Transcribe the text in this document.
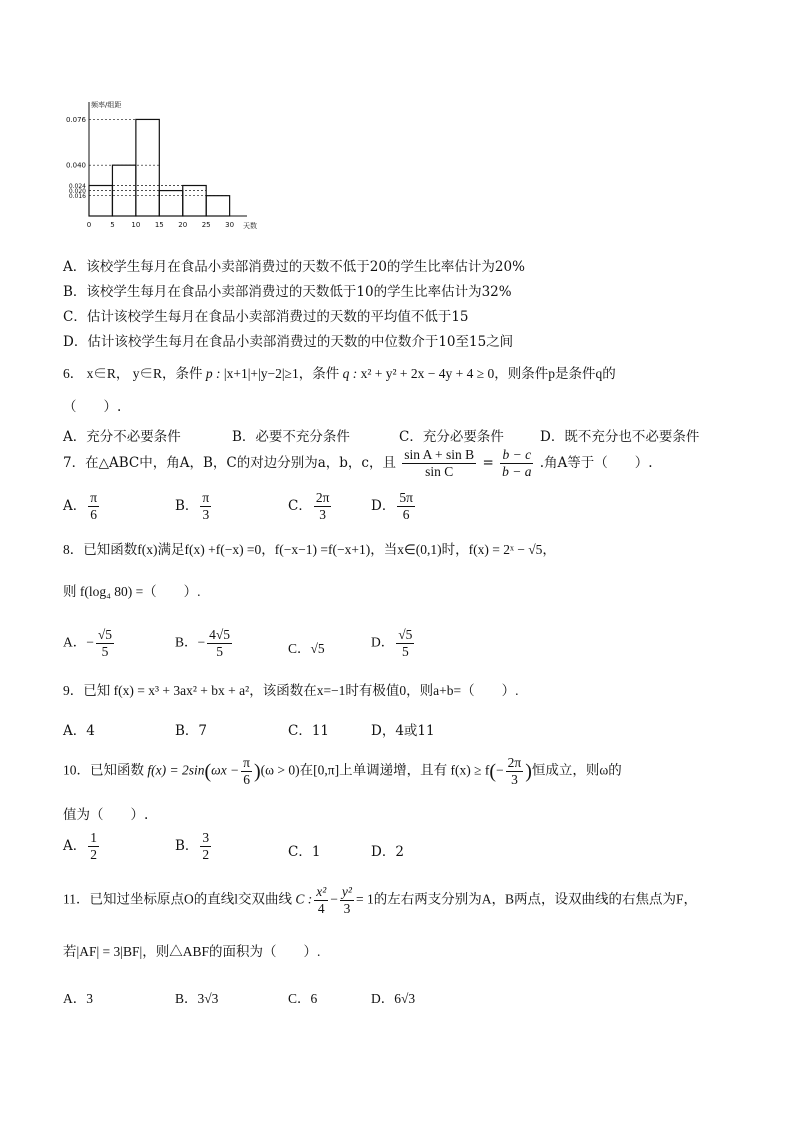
0.076
0.040
0.024
0.020
0.016
0	5 10 15 20 25 30
频率/组距
天数
A．该校学生每月在食品小卖部消费过的天数不低于20的学生比率估计为20%
B．该校学生每月在食品小卖部消费过的天数低于10的学生比率估计为32%
C．估计该校学生每月在食品小卖部消费过的天数的平均值不低于15
D．估计该校学生每月在食品小卖部消费过的天数的中位数介于10至15之间
6． x∈R， y∈R，条件 p : |x+1|+|y−2|≥1，条件 q : x² + y² + 2x − 4y + 4 ≥ 0，则条件p是条件q的
（　　）.
A．充分不必要条件	B．必要不充分条件	C．充分必要条件	D．既不充分也不必要条件
7．在△ABC中，角A，B，C的对边分别为a，b，c，且 $\frac{\text{sin A + sin B}}{\text{sin C}} = \frac{b - c}{b - a}$ .角A等于（　　）.
A． $\frac{\pi}{6}$	B． $\frac{\pi}{3}$	C． $\frac{2\pi}{3}$	D． $\frac{5\pi}{6}$
8．已知函数f(x)满足f(x) +f(−x) =0，f(−x−1) =f(−x+1)，当x∈(0,1)时，f(x) = 2ˣ − √5，
则 f(log₄ 80) =（　　）.
A．− $\frac{√5}{5}$	B．− $\frac{4√5}{5}$	C．√5	D． $\frac{√5}{5}$
9．已知 f(x) = x³ + 3ax² + bx + a²，该函数在x=−1时有极值0，则a+b=（　　）.
A．4	B．7	C．11	D，4或11
10．已知函数 $f(x) = 2\sin(\omega x - \frac{\pi}{6} )(\omega > 0)$在[0,π]上单调递增，且有 $f(x) \ge f(- \frac{2\pi}{3}$ )恒成立，则ω的
值为（　　）.
A． $\frac{1}{2}$	B． $\frac{3}{2}$	C．1	D．2
11．已知过坐标原点O的直线l交双曲线 C : $\frac{\text{x²}}{4} - \frac{\text{y²}}{3} = 1$的左右两支分别为A，B两点，设双曲线的右焦点为F，
若|AF| = 3|BF|，则△ABF的面积为（　　）.
A．3	B．3√3	C．6	D．6√3
